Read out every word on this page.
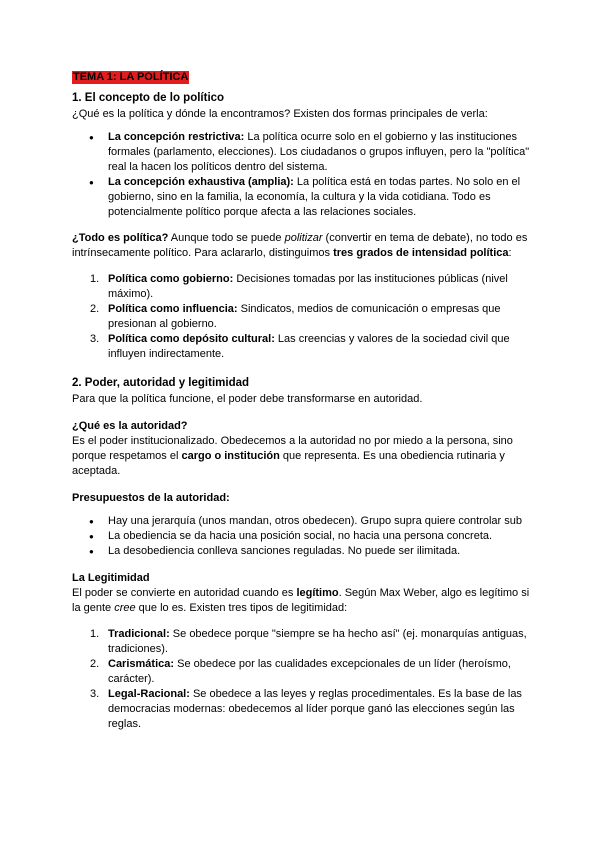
TEMA 1: LA POLÍTICA
1. El concepto de lo político

¿Qué es la política y dónde la encontramos? Existen dos formas principales de verla:

● La concepción restrictiva: La política ocurre solo en el gobierno y las instituciones formales (parlamento, elecciones). Los ciudadanos o grupos influyen, pero la "política" real la hacen los políticos dentro del sistema.
● La concepción exhaustiva (amplia): La política está en todas partes. No solo en el gobierno, sino en la familia, la economía, la cultura y la vida cotidiana. Todo es potencialmente político porque afecta a las relaciones sociales.

¿Todo es política? Aunque todo se puede politizar (convertir en tema de debate), no todo es intrínsecamente político. Para aclararlo, distinguimos tres grados de intensidad política:

1. Política como gobierno: Decisiones tomadas por las instituciones públicas (nivel máximo).
2. Política como influencia: Sindicatos, medios de comunicación o empresas que presionan al gobierno.
3. Política como depósito cultural: Las creencias y valores de la sociedad civil que influyen indirectamente.
2. Poder, autoridad y legitimidad

Para que la política funcione, el poder debe transformarse en autoridad.

¿Qué es la autoridad?

Es el poder institucionalizado. Obedecemos a la autoridad no por miedo a la persona, sino porque respetamos el cargo o institución que representa. Es una obediencia rutinaria y aceptada.

Presupuestos de la autoridad:
● Hay una jerarquía (unos mandan, otros obedecen). Grupo supra quiere controlar sub
● La obediencia se da hacia una posición social, no hacia una persona concreta.
● La desobediencia conlleva sanciones reguladas. No puede ser ilimitada.
La Legitimidad

El poder se convierte en autoridad cuando es legítimo. Según Max Weber, algo es legítimo si la gente cree que lo es. Existen tres tipos de legitimidad:

1. Tradicional: Se obedece porque "siempre se ha hecho así" (ej. monarquías antiguas, tradiciones).
2. Carismática: Se obedece por las cualidades excepcionales de un líder (heroísmo, carácter).
3. Legal-Racional: Se obedece a las leyes y reglas procedimentales. Es la base de las democracias modernas: obedecemos al líder porque ganó las elecciones según las reglas.
